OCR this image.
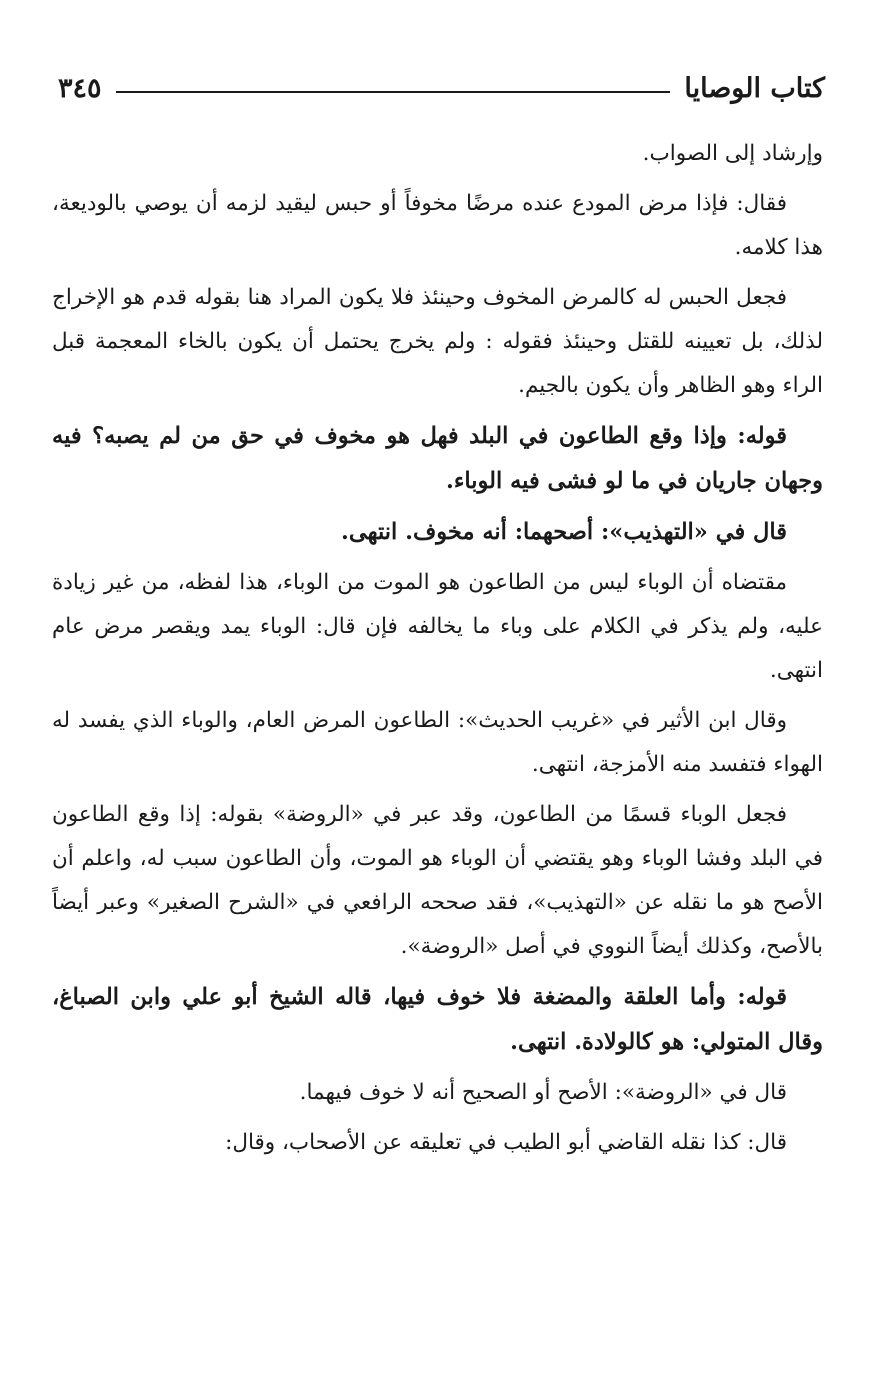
كتاب الوصايا
٣٤٥

وإرشاد إلى الصواب.

فقال: فإذا مرض المودع عنده مرضًا مخوفاً أو حبس ليقيد لزمه أن يوصي بالوديعة، هذا كلامه.

فجعل الحبس له كالمرض المخوف وحينئذ فلا يكون المراد هنا بقوله قدم هو الإخراج لذلك، بل تعيينه للقتل وحينئذ فقوله : ولم يخرج يحتمل أن يكون بالخاء المعجمة قبل الراء وهو الظاهر وأن يكون بالجيم.

قوله: وإذا وقع الطاعون في البلد فهل هو مخوف في حق من لم يصبه؟ فيه وجهان جاريان في ما لو فشى فيه الوباء.

قال في «التهذيب»: أصحهما: أنه مخوف. انتهى.

مقتضاه أن الوباء ليس من الطاعون هو الموت من الوباء، هذا لفظه، من غير زيادة عليه، ولم يذكر في الكلام على وباء ما يخالفه فإن قال: الوباء يمد ويقصر مرض عام انتهى.

وقال ابن الأثير في «غريب الحديث»: الطاعون المرض العام، والوباء الذي يفسد له الهواء فتفسد منه الأمزجة، انتهى.

فجعل الوباء قسمًا من الطاعون، وقد عبر في «الروضة» بقوله: إذا وقع الطاعون في البلد وفشا الوباء وهو يقتضي أن الوباء هو الموت، وأن الطاعون سبب له، واعلم أن الأصح هو ما نقله عن «التهذيب»، فقد صححه الرافعي في «الشرح الصغير» وعبر أيضاً بالأصح، وكذلك أيضاً النووي في أصل «الروضة».

قوله: وأما العلقة والمضغة فلا خوف فيها، قاله الشيخ أبو علي وابن الصباغ، وقال المتولي: هو كالولادة. انتهى.

قال في «الروضة»: الأصح أو الصحيح أنه لا خوف فيهما.

قال: كذا نقله القاضي أبو الطيب في تعليقه عن الأصحاب، وقال:
